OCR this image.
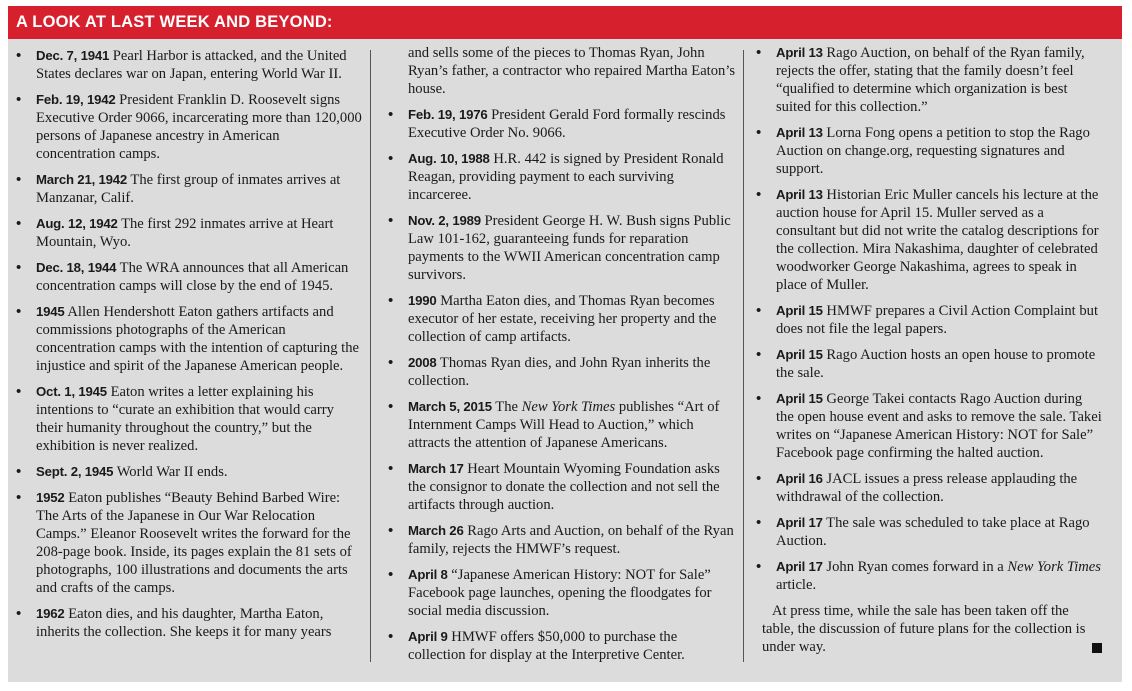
A LOOK AT LAST WEEK AND BEYOND:
• Dec. 7, 1941 Pearl Harbor is attacked, and the United States declares war on Japan, entering World War II.
• Feb. 19, 1942 President Franklin D. Roosevelt signs Executive Order 9066, incarcerating more than 120,000 persons of Japanese ancestry in American concentration camps.
• March 21, 1942 The first group of inmates arrives at Manzanar, Calif.
• Aug. 12, 1942 The first 292 inmates arrive at Heart Mountain, Wyo.
• Dec. 18, 1944 The WRA announces that all American concentration camps will close by the end of 1945.
• 1945 Allen Hendershott Eaton gathers artifacts and commissions photographs of the American concentration camps with the intention of capturing the injustice and spirit of the Japanese American people.
• Oct. 1, 1945 Eaton writes a letter explaining his intentions to “curate an exhibition that would carry their humanity throughout the country,” but the exhibition is never realized.
• Sept. 2, 1945 World War II ends.
• 1952 Eaton publishes “Beauty Behind Barbed Wire: The Arts of the Japanese in Our War Relocation Camps.” Eleanor Roosevelt writes the forward for the 208-page book. Inside, its pages explain the 81 sets of photographs, 100 illustrations and documents the arts and crafts of the camps.
• 1962 Eaton dies, and his daughter, Martha Eaton, inherits the collection. She keeps it for many years
and sells some of the pieces to Thomas Ryan, John Ryan’s father, a contractor who repaired Martha Eaton’s house.
• Feb. 19, 1976 President Gerald Ford formally rescinds Executive Order No. 9066.
• Aug. 10, 1988 H.R. 442 is signed by President Ronald Reagan, providing payment to each surviving incarceree.
• Nov. 2, 1989 President George H. W. Bush signs Public Law 101-162, guaranteeing funds for reparation payments to the WWII American concentration camp survivors.
• 1990 Martha Eaton dies, and Thomas Ryan becomes executor of her estate, receiving her property and the collection of camp artifacts.
• 2008 Thomas Ryan dies, and John Ryan inherits the collection.
• March 5, 2015 The New York Times publishes “Art of Internment Camps Will Head to Auction,” which attracts the attention of Japanese Americans.
• March 17 Heart Mountain Wyoming Foundation asks the consignor to donate the collection and not sell the artifacts through auction.
• March 26 Rago Arts and Auction, on behalf of the Ryan family, rejects the HMWF’s request.
• April 8 “Japanese American History: NOT for Sale” Facebook page launches, opening the floodgates for social media discussion.
• April 9 HMWF offers $50,000 to purchase the collection for display at the Interpretive Center.
• April 13 Rago Auction, on behalf of the Ryan family, rejects the offer, stating that the family doesn’t feel “qualified to determine which organization is best suited for this collection.”
• April 13 Lorna Fong opens a petition to stop the Rago Auction on change.org, requesting signatures and support.
• April 13 Historian Eric Muller cancels his lecture at the auction house for April 15. Muller served as a consultant but did not write the catalog descriptions for the collection. Mira Nakashima, daughter of celebrated woodworker George Nakashima, agrees to speak in place of Muller.
• April 15 HMWF prepares a Civil Action Complaint but does not file the legal papers.
• April 15 Rago Auction hosts an open house to promote the sale.
• April 15 George Takei contacts Rago Auction during the open house event and asks to remove the sale. Takei writes on “Japanese American History: NOT for Sale” Facebook page confirming the halted auction.
• April 16 JACL issues a press release applauding the withdrawal of the collection.
• April 17 The sale was scheduled to take place at Rago Auction.
• April 17 John Ryan comes forward in a New York Times article.
At press time, while the sale has been taken off the table, the discussion of future plans for the collection is under way.
